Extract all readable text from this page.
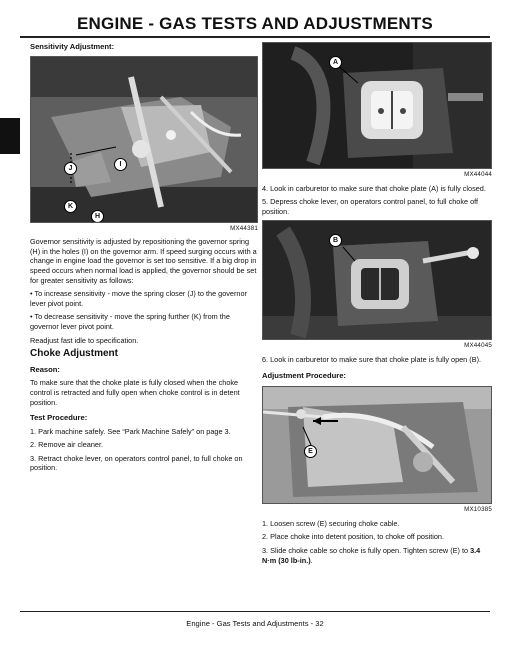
ENGINE - GAS TESTS AND ADJUSTMENTS
Sensitivity Adjustment:
J
I
K
H
MX44381

Governor sensitivity is adjusted by repositioning the governor spring (H) in the holes (I) on the governor arm. If speed surging occurs with a change in engine load the governor is set too sensitive. If a big drop in speed occurs when normal load is applied, the governor should be set for greater sensitivity as follows:

• To increase sensitivity - move the spring closer (J) to the governor lever pivot point.

• To decrease sensitivity - move the spring further (K) from the governor lever pivot point.

Readjust fast idle to specification.

Choke Adjustment
Reason:

To make sure that the choke plate is fully closed when the choke control is retracted and fully open when choke control is in detent position.

Test Procedure:

1. Park machine safely. See “Park Machine Safely” on page 3.

2. Remove air cleaner.

3. Retract choke lever, on operators control panel, to full choke on position.

A
MX44044

4. Look in carburetor to make sure that choke plate (A) is fully closed.

5. Depress choke lever, on operators control panel, to full choke off position.

B
MX44045

6. Look in carburetor to make sure that choke plate is fully open (B).

Adjustment Procedure:
E
MX10385

1. Loosen screw (E) securing choke cable.

2. Place choke into detent position, to choke off position.

3. Slide choke cable so choke is fully open. Tighten screw (E) to 3.4 N·m (30 lb-in.).

Engine - Gas Tests and Adjustments - 32
